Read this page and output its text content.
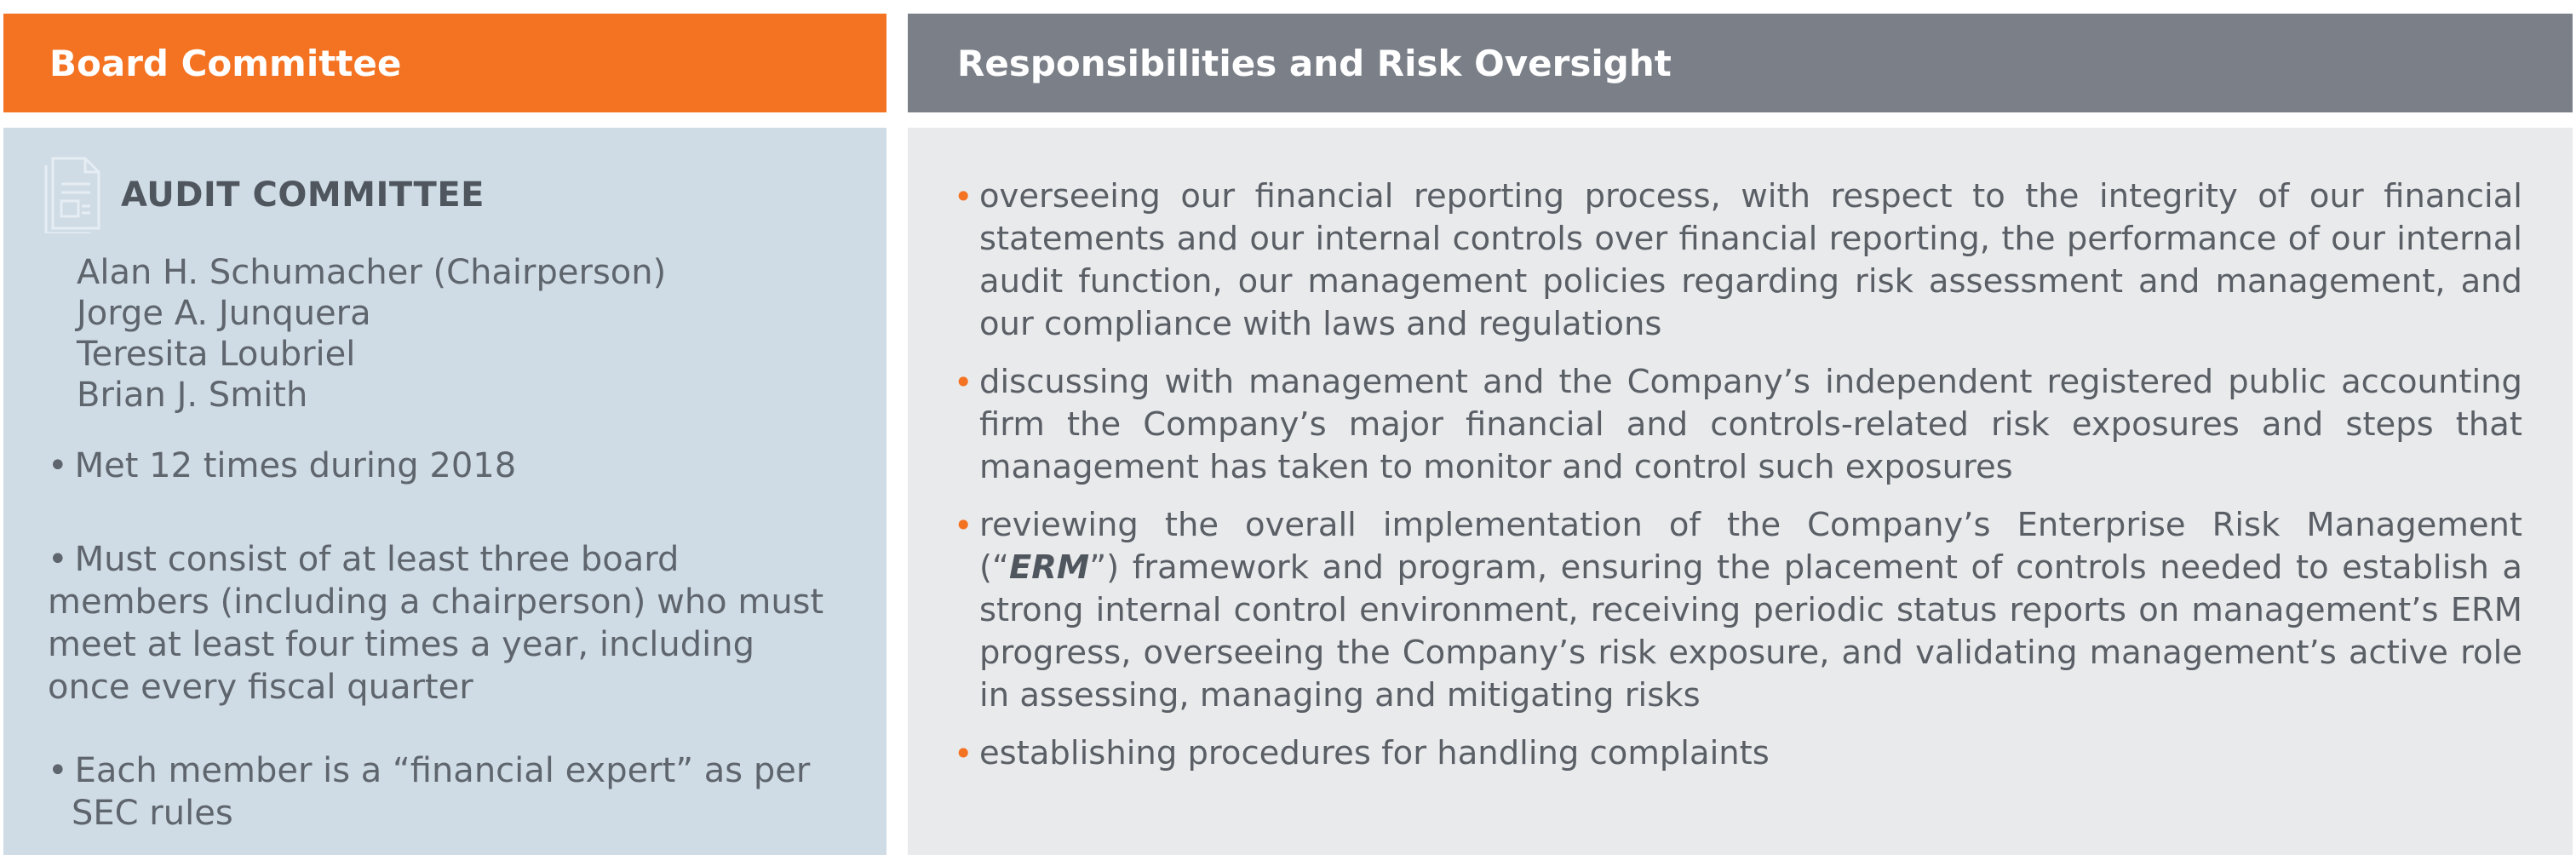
Board Committee	Responsibilities and Risk Oversight
AUDIT COMMITTEE
Alan H. Schumacher (Chairperson)
Jorge A. Junquera
Teresita Loubriel
Brian J. Smith
• Met 12 times during 2018
• Must consist of at least three board members (including a chairperson) who must meet at least four times a year, including once every fiscal quarter
• Each member is a “financial expert” as per SEC rules
• overseeing our financial reporting process, with respect to the integrity of our financial statements and our internal controls over financial reporting, the performance of our internal audit function, our management policies regarding risk assessment and management, and our compliance with laws and regulations
• discussing with management and the Company’s independent registered public accounting firm the Company’s major financial and controls-related risk exposures and steps that management has taken to monitor and control such exposures
• reviewing the overall implementation of the Company’s Enterprise Risk Management (“ERM”) framework and program, ensuring the placement of controls needed to establish a strong internal control environment, receiving periodic status reports on management’s ERM progress, overseeing the Company’s risk exposure, and validating management’s active role in assessing, managing and mitigating risks
• establishing procedures for handling complaints
